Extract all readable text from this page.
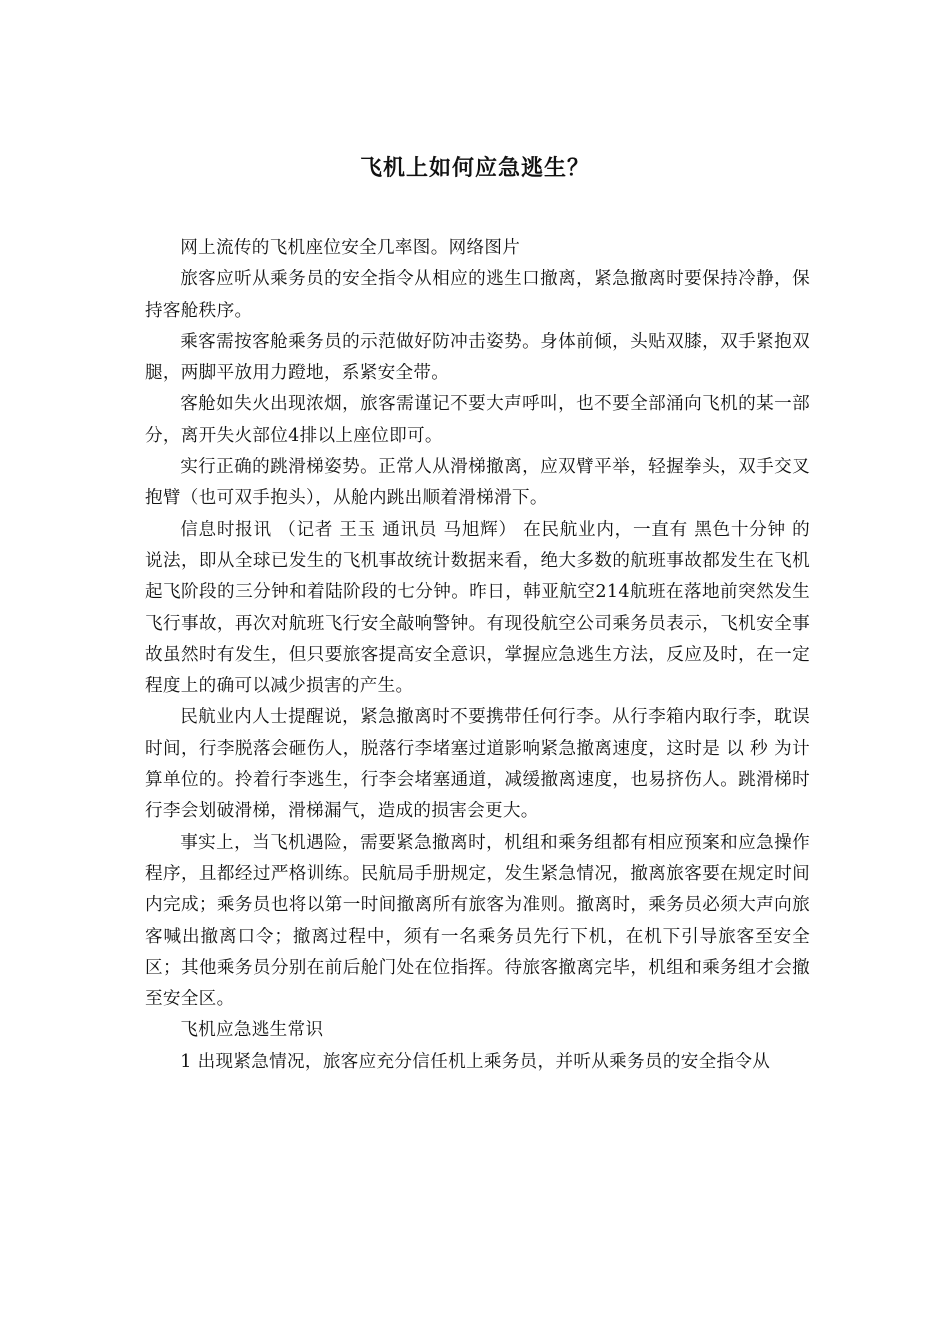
飞机上如何应急逃生？

网上流传的飞机座位安全几率图。网络图片

旅客应听从乘务员的安全指令从相应的逃生口撤离，紧急撤离时要保持冷静，保持客舱秩序。

乘客需按客舱乘务员的示范做好防冲击姿势。身体前倾，头贴双膝，双手紧抱双腿，两脚平放用力蹬地，系紧安全带。

客舱如失火出现浓烟，旅客需谨记不要大声呼叫，也不要全部涌向飞机的某一部分，离开失火部位4排以上座位即可。

实行正确的跳滑梯姿势。正常人从滑梯撤离，应双臂平举，轻握拳头，双手交叉抱臂（也可双手抱头），从舱内跳出顺着滑梯滑下。

信息时报讯 （记者 王玉 通讯员 马旭辉） 在民航业内，一直有 黑色十分钟 的说法，即从全球已发生的飞机事故统计数据来看，绝大多数的航班事故都发生在飞机起飞阶段的三分钟和着陆阶段的七分钟。昨日，韩亚航空214航班在落地前突然发生飞行事故，再次对航班飞行安全敲响警钟。有现役航空公司乘务员表示，飞机安全事故虽然时有发生，但只要旅客提高安全意识，掌握应急逃生方法，反应及时，在一定程度上的确可以减少损害的产生。

民航业内人士提醒说，紧急撤离时不要携带任何行李。从行李箱内取行李，耽误时间，行李脱落会砸伤人，脱落行李堵塞过道影响紧急撤离速度，这时是 以 秒 为计算单位的。拎着行李逃生，行李会堵塞通道，减缓撤离速度，也易挤伤人。跳滑梯时行李会划破滑梯，滑梯漏气，造成的损害会更大。

事实上，当飞机遇险，需要紧急撤离时，机组和乘务组都有相应预案和应急操作程序，且都经过严格训练。民航局手册规定，发生紧急情况，撤离旅客要在规定时间内完成；乘务员也将以第一时间撤离所有旅客为准则。撤离时，乘务员必须大声向旅客喊出撤离口令；撤离过程中，须有一名乘务员先行下机，在机下引导旅客至安全区；其他乘务员分别在前后舱门处在位指挥。待旅客撤离完毕，机组和乘务组才会撤至安全区。

飞机应急逃生常识

1 出现紧急情况，旅客应充分信任机上乘务员，并听从乘务员的安全指令从
